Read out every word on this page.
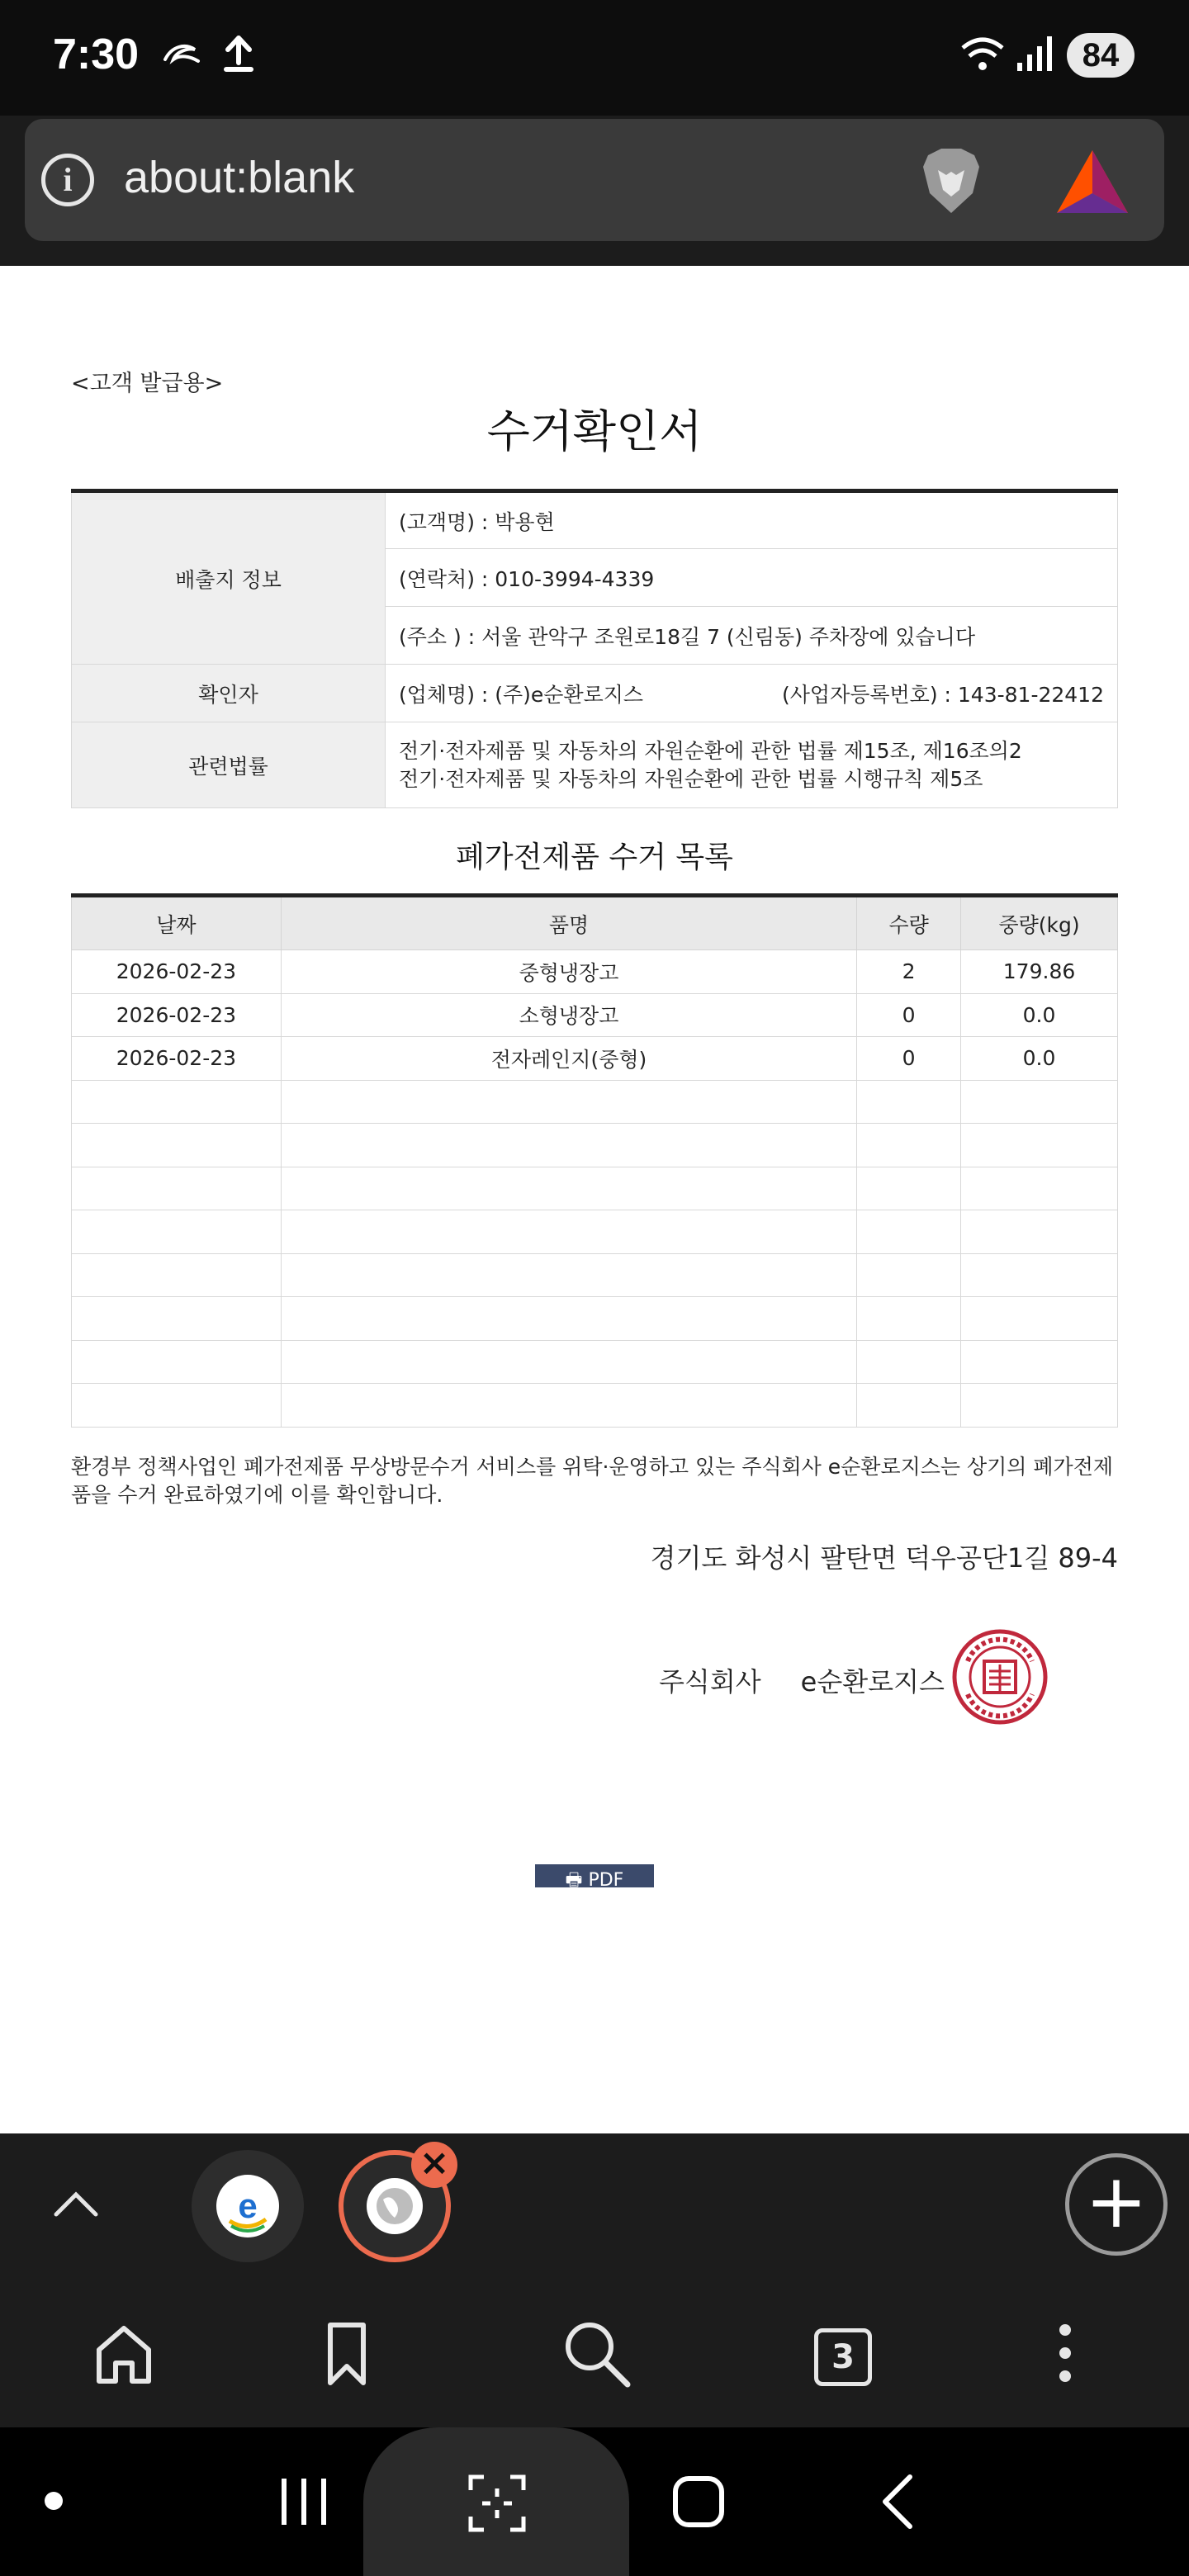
7:30	84
i	about:blank
<고객 발급용>
수거확인서
배출지 정보	(고객명) : 박용현
	(연락처) : 010-3994-4339
	(주소 ) : 서울 관악구 조원로18길 7 (신림동) 주차장에 있습니다
확인자	(업체명) : (주)e순환로지스 (사업자등록번호) : 143-81-22412
관련법률	전기·전자제품 및 자동차의 자원순환에 관한 법률 제15조, 제16조의2
전기·전자제품 및 자동차의 자원순환에 관한 법률 시행규칙 제5조
폐가전제품 수거 목록
날짜	품명	수량	중량(kg)
2026-02-23	중형냉장고	2	179.86
2026-02-23	소형냉장고	0	0.0
2026-02-23	전자레인지(중형)	0	0.0

환경부 정책사업인 폐가전제품 무상방문수거 서비스를 위탁·운영하고 있는 주식회사 e순환로지스는 상기의 폐가전제품을 수거 완료하였기에 이를 확인합니다.
경기도 화성시 팔탄면 덕우공단1길 89-4
주식회사 e순환로지스
🖶 PDF
e	+
×
3
